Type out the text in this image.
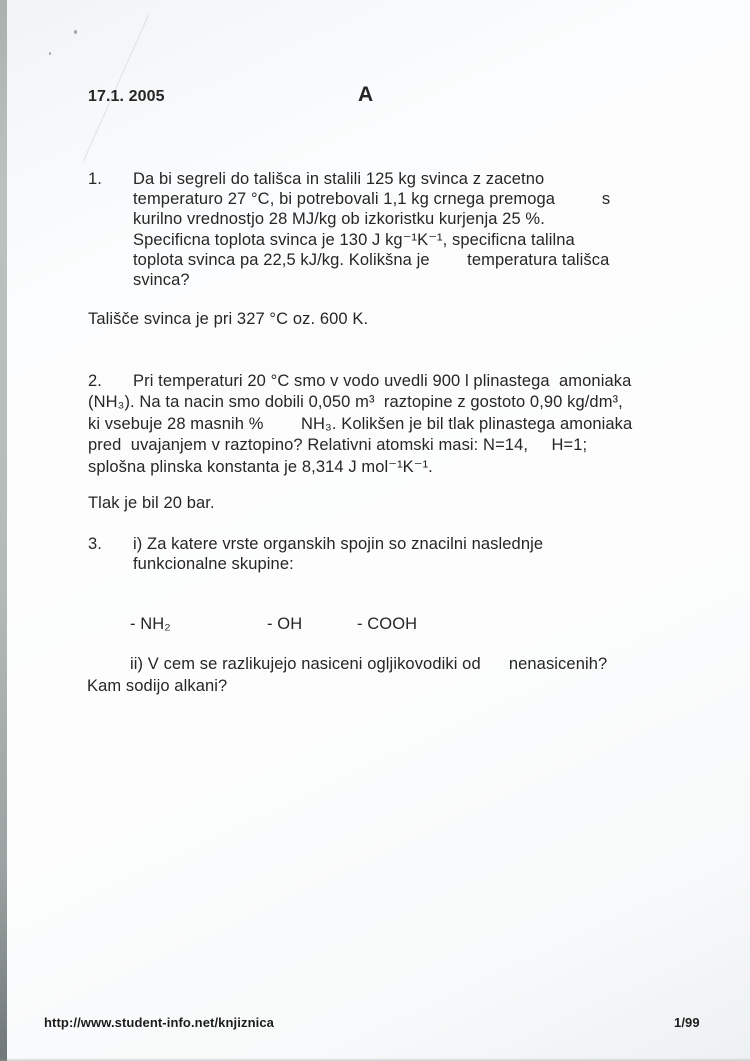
17.1. 2005	A
1. Da bi segreli do tališca in stalili 125 kg svinca z zacetno
temperaturo 27 °C, bi potrebovali 1,1 kg crnega premoga          s
kurilno vrednostjo 28 MJ/kg ob izkoristku kurjenja 25 %.
Specificna toplota svinca je 130 J kg⁻¹K⁻¹, specificna talilna
toplota svinca pa 22,5 kJ/kg. Kolikšna je        temperatura tališca
svinca?
Tališče svinca je pri 327 °C oz. 600 K.
2. Pri temperaturi 20 °C smo v vodo uvedli 900 l plinastega  amoniaka
(NH₃). Na ta nacin smo dobili 0,050 m³  raztopine z gostoto 0,90 kg/dm³,
ki vsebuje 28 masnih %        NH₃. Kolikšen je bil tlak plinastega amoniaka
pred  uvajanjem v raztopino? Relativni atomski masi: N=14,     H=1;
splošna plinska konstanta je 8,314 J mol⁻¹K⁻¹.
Tlak je bil 20 bar.
3. i) Za katere vrste organskih spojin so znacilni naslednje
funkcionalne skupine:
- NH₂	- OH	- COOH
ii) V cem se razlikujejo nasiceni ogljikovodiki od      nenasicenih?
Kam sodijo alkani?
http://www.student-info.net/knjiznica	1/99
